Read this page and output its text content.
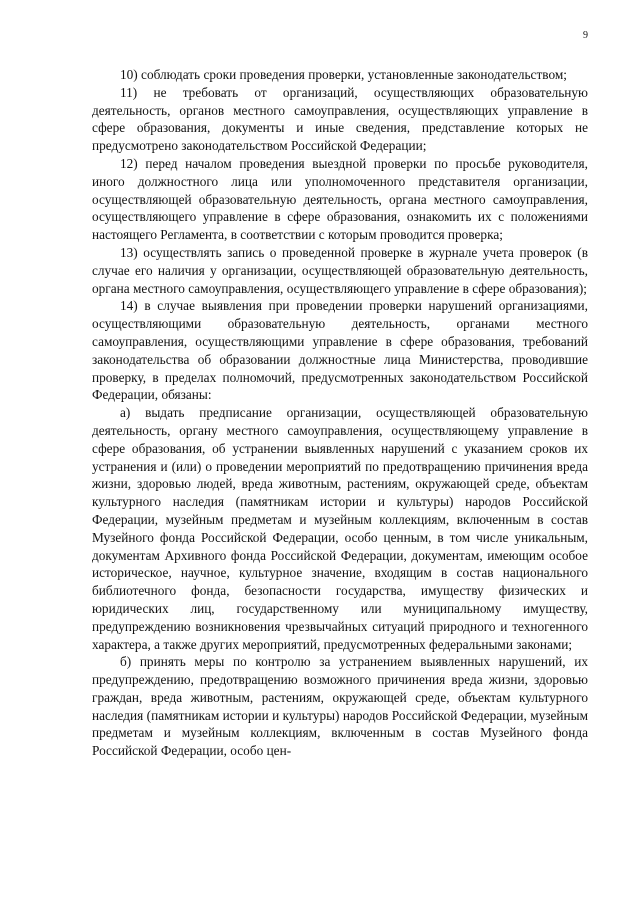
9

10) соблюдать сроки проведения проверки, установленные законодательством;

11) не требовать от организаций, осуществляющих образовательную деятельность, органов местного самоуправления, осуществляющих управление в сфере образования, документы и иные сведения, представление которых не предусмотрено законодательством Российской Федерации;

12) перед началом проведения выездной проверки по просьбе руководителя, иного должностного лица или уполномоченного представителя организации, осуществляющей образовательную деятельность, органа местного самоуправления, осуществляющего управление в сфере образования, ознакомить их с положениями настоящего Регламента, в соответствии с которым проводится проверка;

13) осуществлять запись о проведенной проверке в журнале учета проверок (в случае его наличия у организации, осуществляющей образовательную деятельность, органа местного самоуправления, осуществляющего управление в сфере образования);

14) в случае выявления при проведении проверки нарушений организациями, осуществляющими образовательную деятельность, органами местного самоуправления, осуществляющими управление в сфере образования, требований законодательства об образовании должностные лица Министерства, проводившие проверку, в пределах полномочий, предусмотренных законодательством Российской Федерации, обязаны:

а) выдать предписание организации, осуществляющей образовательную деятельность, органу местного самоуправления, осуществляющему управление в сфере образования, об устранении выявленных нарушений с указанием сроков их устранения и (или) о проведении мероприятий по предотвращению причинения вреда жизни, здоровью людей, вреда животным, растениям, окружающей среде, объектам культурного наследия (памятникам истории и культуры) народов Российской Федерации, музейным предметам и музейным коллекциям, включенным в состав Музейного фонда Российской Федерации, особо ценным, в том числе уникальным, документам Архивного фонда Российской Федерации, документам, имеющим особое историческое, научное, культурное значение, входящим в состав национального библиотечного фонда, безопасности государства, имуществу физических и юридических лиц, государственному или муниципальному имуществу, предупреждению возникновения чрезвычайных ситуаций природного и техногенного характера, а также других мероприятий, предусмотренных федеральными законами;

б) принять меры по контролю за устранением выявленных нарушений, их предупреждению, предотвращению возможного причинения вреда жизни, здоровью граждан, вреда животным, растениям, окружающей среде, объектам культурного наследия (памятникам истории и культуры) народов Российской Федерации, музейным предметам и музейным коллекциям, включенным в состав Музейного фонда Российской Федерации, особо цен-
